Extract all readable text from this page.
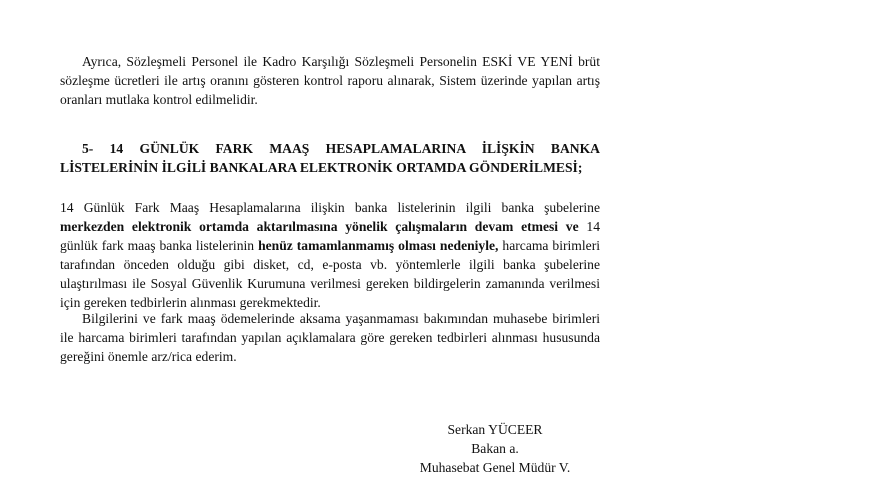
Ayrıca, Sözleşmeli Personel ile Kadro Karşılığı Sözleşmeli Personelin ESKİ VE YENİ brüt sözleşme ücretleri ile artış oranını gösteren kontrol raporu alınarak, Sistem üzerinde yapılan artış oranları mutlaka kontrol edilmelidir.

5- 14 GÜNLÜK FARK MAAŞ HESAPLAMALARINA İLİŞKİN BANKA LİSTELERİNİN İLGİLİ BANKALARA ELEKTRONİK ORTAMDA GÖNDERİLMESİ;

14 Günlük Fark Maaş Hesaplamalarına ilişkin banka listelerinin ilgili banka şubelerine merkezden elektronik ortamda aktarılmasına yönelik çalışmaların devam etmesi ve 14 günlük fark maaş banka listelerinin henüz tamamlanmamış olması nedeniyle, harcama birimleri tarafından önceden olduğu gibi disket, cd, e-posta vb. yöntemlerle ilgili banka şubelerine ulaştırılması ile Sosyal Güvenlik Kurumuna verilmesi gereken bildirgelerin zamanında verilmesi için gereken tedbirlerin alınması gerekmektedir.

Bilgilerini ve fark maaş ödemelerinde aksama yaşanmaması bakımından muhasebe birimleri ile harcama birimleri tarafından yapılan açıklamalara göre gereken tedbirleri alınması hususunda gereğini önemle arz/rica ederim.

Serkan YÜCEER
Bakan a.
Muhasebat Genel Müdür V.
